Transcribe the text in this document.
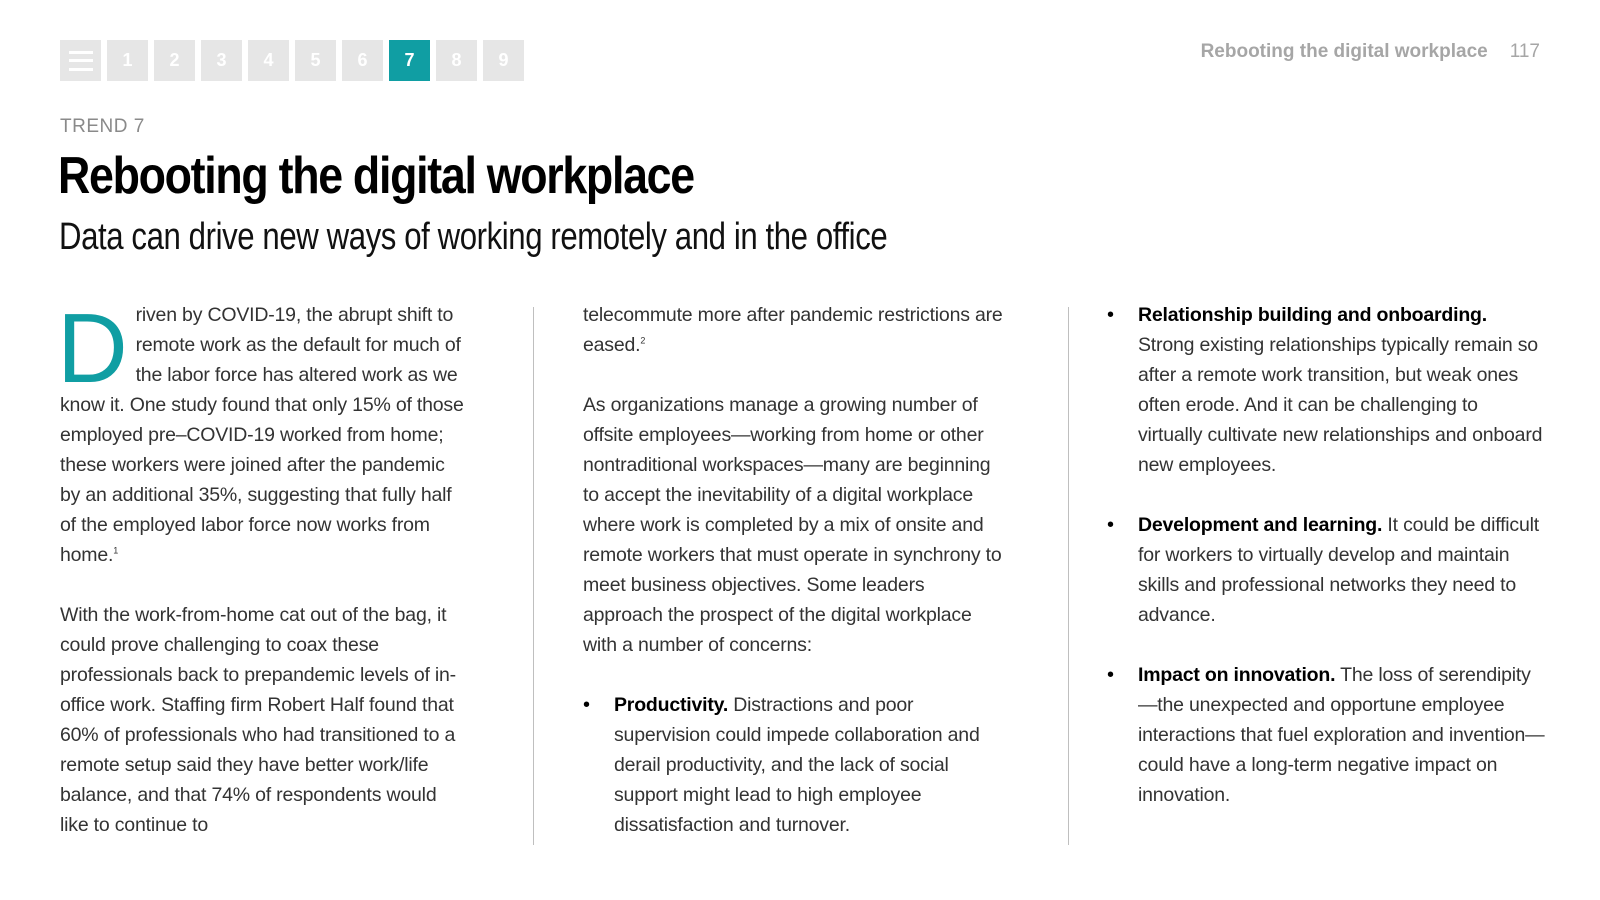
1	2	3	4	5	6	7	8	9	Rebooting the digital workplace 117
TREND 7
Rebooting the digital workplace
Data can drive new ways of working remotely and in the office

Driven by COVID-19, the abrupt shift to remote work as the default for much of the labor force has altered work as we know it. One study found that only 15% of those employed pre–COVID-19 worked from home; these workers were joined after the pandemic by an additional 35%, suggesting that fully half of the employed labor force now works from home.$^1$

With the work-from-home cat out of the bag, it could prove challenging to coax these professionals back to prepandemic levels of in-office work. Staffing firm Robert Half found that 60% of professionals who had transitioned to a remote setup said they have better work/life balance, and that 74% of respondents would like to continue to

telecommute more after pandemic restrictions are eased.$^2$

As organizations manage a growing number of offsite employees—working from home or other nontraditional workspaces—many are beginning to accept the inevitability of a digital workplace where work is completed by a mix of onsite and remote workers that must operate in synchrony to meet business objectives. Some leaders approach the prospect of the digital workplace with a number of concerns:

• Productivity. Distractions and poor supervision could impede collaboration and derail productivity, and the lack of social support might lead to high employee dissatisfaction and turnover.
• Relationship building and onboarding. Strong existing relationships typically remain so after a remote work transition, but weak ones often erode. And it can be challenging to virtually cultivate new relationships and onboard new employees.
• Development and learning. It could be difficult for workers to virtually develop and maintain skills and professional networks they need to advance.
• Impact on innovation. The loss of serendipity—the unexpected and opportune employee interactions that fuel exploration and invention—could have a long-term negative impact on innovation.
